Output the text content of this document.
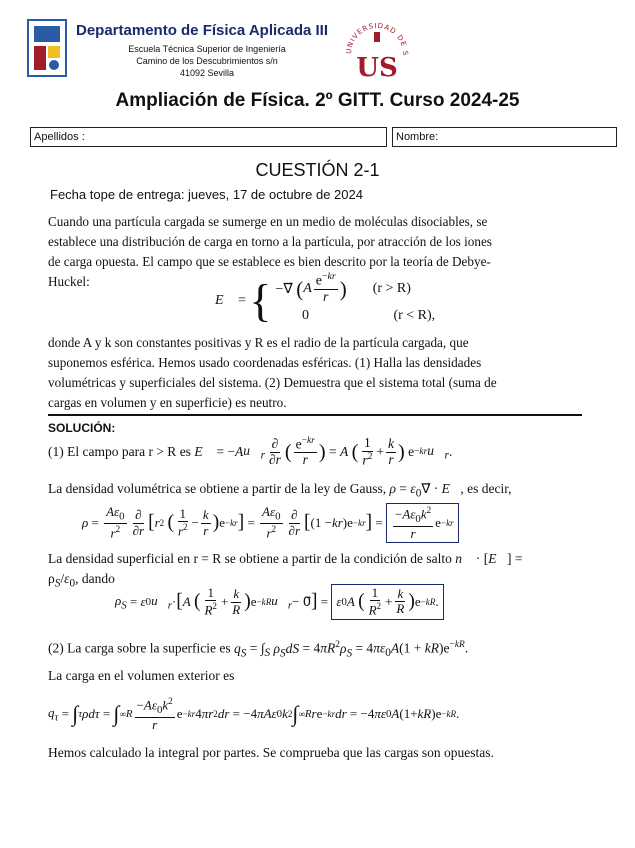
Departamento de Física Aplicada III
Escuela Técnica Superior de Ingeniería
Camino de los Descubrimientos s/n
41092 Sevilla
UNIVERSIDAD DE S
US
Ampliación de Física. 2º GITT. Curso 2024-25
Apellidos :	Nombre:
CUESTIÓN 2-1
Fecha tope de entrega: jueves, 17 de octubre de 2024
Cuando una partícula cargada se sumerge en un medio de moléculas disociables, se
establece una distribución de carga en torno a la partícula, por atracción de los iones
de carga opuesta. El campo que se establece es bien descrito por la teoría de Debye-
Huckel:
E⃗ = { −∇⃗ ( A $\frac{e^{-kr}}{r}$ ) (r > R)
0	(r < R),
donde A y k son constantes positivas y R es el radio de la partícula cargada, que
suponemos esférica. Hemos usado coordenadas esféricas. (1) Halla las densidades
volumétricas y superficiales del sistema. (2) Demuestra que el sistema total (suma de
cargas en volumen y en superficie) es neutro.
SOLUCIÓN:
(1) El campo para r > R es
E⃗ = − A $u⃗_r \frac{\partial}{\partial r}$ ( $\frac{e^{-kr}}{r}$ ) = A
( $\frac{1}{r^2} + \frac{k}{r}$ ) e −kr $u⃗_r$ .
La densidad volumétrica se obtiene a partir de la ley de Gauss, $\rho = \varepsilon_0\nabla⃗$ · E⃗, es decir,
$\rho = \frac{A\varepsilon_0}{r^2} \frac{\partial}{\partial r}$ [ r 2
( $\frac{1}{r^2} - \frac{k}{r}$ ) e −kr ] = $\frac{A\varepsilon_0}{r^2} \frac{\partial}{\partial r}$ [ (1 − kr )e −kr ] = $\frac{-A\varepsilon_0k^2}{r}$ e −kr
La densidad superficial en r = R se obtiene a partir de la condición de salto n⃗ · [E⃗] =
$\rho_S/\varepsilon_0$, dando
$\rho_S = \varepsilon$ 0 $u⃗_r$ · [ A
( $\frac{1}{R^2} + \frac{k}{R}$ ) e −kR $u⃗_r$ − 0⃗ ] = ε 0 A
( $\frac{1}{R^2} + \frac{k}{R}$ ) e −kR .
(2) La carga sobre la superficie es $q_S = \int_S$ $\rho_SdS = 4\pi R^2\rho_S = 4\pi\varepsilon_0A(1 + kR)e^{-kR}$.
La carga en el volumen exterior es
$q_\tau$ = ∫ τ ρdτ = ∫ ∞ R $\frac{-A\varepsilon_0k^2}{r}$ e −kr 4 πr 2 dr = −4 πAε 0 k 2 ∫ ∞ R r e −kr dr = −4 πε 0 A (1+ kR )e −kR .
Hemos calculado la integral por partes. Se comprueba que las cargas son opuestas.
